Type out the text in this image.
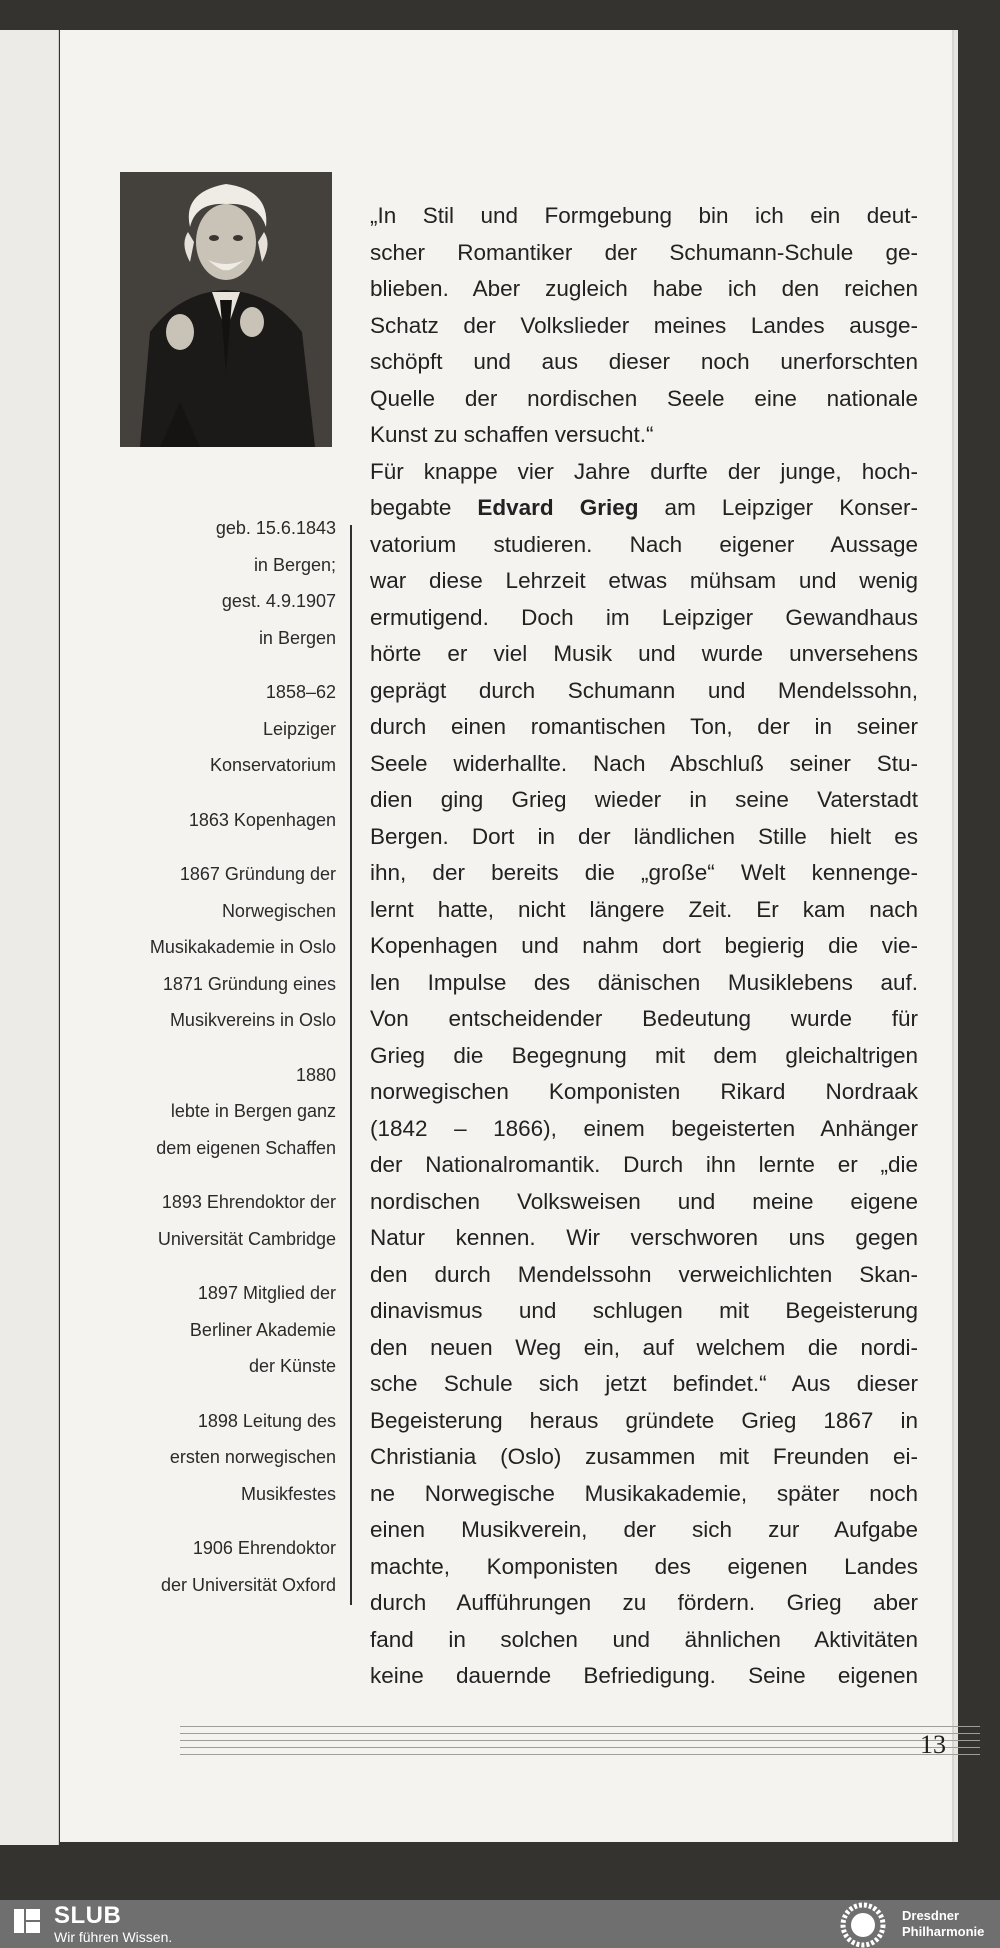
geb. 15.6.1843
in Bergen;
gest. 4.9.1907
in Bergen
1858–62
Leipziger
Konservatorium
1863 Kopenhagen
1867 Gründung der
Norwegischen
Musikakademie in Oslo
1871 Gründung eines
Musikvereins in Oslo
1880
lebte in Bergen ganz
dem eigenen Schaffen
1893 Ehrendoktor der
Universität Cambridge
1897 Mitglied der
Berliner Akademie
der Künste
1898 Leitung des
ersten norwegischen
Musikfestes
1906 Ehrendoktor
der Universität Oxford
„In Stil und Formgebung bin ich ein deut-
scher Romantiker der Schumann-Schule ge-
blieben. Aber zugleich habe ich den reichen
Schatz der Volkslieder meines Landes ausge-
schöpft und aus dieser noch unerforschten
Quelle der nordischen Seele eine nationale
Kunst zu schaffen versucht.“
Für knappe vier Jahre durfte der junge, hoch-
begabte Edvard Grieg am Leipziger Konser-
vatorium studieren. Nach eigener Aussage
war diese Lehrzeit etwas mühsam und wenig
ermutigend. Doch im Leipziger Gewandhaus
hörte er viel Musik und wurde unversehens
geprägt durch Schumann und Mendelssohn,
durch einen romantischen Ton, der in seiner
Seele widerhallte. Nach Abschluß seiner Stu-
dien ging Grieg wieder in seine Vaterstadt
Bergen. Dort in der ländlichen Stille hielt es
ihn, der bereits die „große“ Welt kennenge-
lernt hatte, nicht längere Zeit. Er kam nach
Kopenhagen und nahm dort begierig die vie-
len Impulse des dänischen Musiklebens auf.
Von entscheidender Bedeutung wurde für
Grieg die Begegnung mit dem gleichaltrigen
norwegischen Komponisten Rikard Nordraak
(1842 – 1866), einem begeisterten Anhänger
der Nationalromantik. Durch ihn lernte er „die
nordischen Volksweisen und meine eigene
Natur kennen. Wir verschworen uns gegen
den durch Mendelssohn verweichlichten Skan-
dinavismus und schlugen mit Begeisterung
den neuen Weg ein, auf welchem die nordi-
sche Schule sich jetzt befindet.“ Aus dieser
Begeisterung heraus gründete Grieg 1867 in
Christiania (Oslo) zusammen mit Freunden ei-
ne Norwegische Musikakademie, später noch
einen Musikverein, der sich zur Aufgabe
machte, Komponisten des eigenen Landes
durch Aufführungen zu fördern. Grieg aber
fand in solchen und ähnlichen Aktivitäten
keine dauernde Befriedigung. Seine eigenen
13
SLUB
Wir führen Wissen.
Dresdner
Philharmonie
